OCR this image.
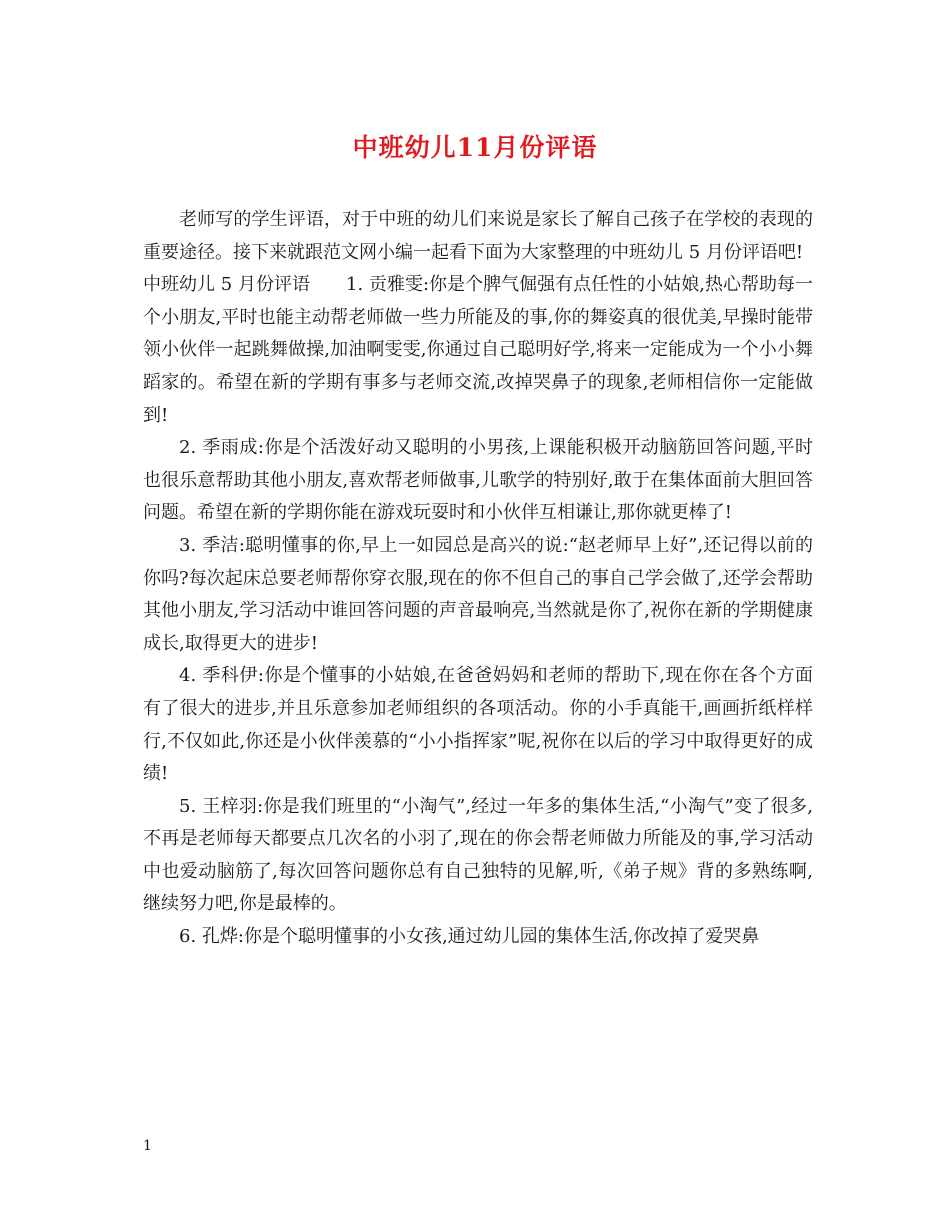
中班幼儿11月份评语

老师写的学生评语，对于中班的幼儿们来说是家长了解自己孩子在学校的表现的重要途径。接下来就跟范文网小编一起看下面为大家整理的中班幼儿 5 月份评语吧!

中班幼儿 5 月份评语　　1. 贡雅雯:你是个脾气倔强有点任性的小姑娘,热心帮助每一个小朋友,平时也能主动帮老师做一些力所能及的事,你的舞姿真的很优美,早操时能带领小伙伴一起跳舞做操,加油啊雯雯,你通过自己聪明好学,将来一定能成为一个小小舞蹈家的。希望在新的学期有事多与老师交流,改掉哭鼻子的现象,老师相信你一定能做到!

2. 季雨成:你是个活泼好动又聪明的小男孩,上课能积极开动脑筋回答问题,平时也很乐意帮助其他小朋友,喜欢帮老师做事,儿歌学的特别好,敢于在集体面前大胆回答问题。希望在新的学期你能在游戏玩耍时和小伙伴互相谦让,那你就更棒了!

3. 季洁:聪明懂事的你,早上一如园总是高兴的说:“赵老师早上好”,还记得以前的你吗?每次起床总要老师帮你穿衣服,现在的你不但自己的事自己学会做了,还学会帮助其他小朋友,学习活动中谁回答问题的声音最响亮,当然就是你了,祝你在新的学期健康成长,取得更大的进步!

4. 季科伊:你是个懂事的小姑娘,在爸爸妈妈和老师的帮助下,现在你在各个方面有了很大的进步,并且乐意参加老师组织的各项活动。你的小手真能干,画画折纸样样行,不仅如此,你还是小伙伴羡慕的“小小指挥家”呢,祝你在以后的学习中取得更好的成绩!

5. 王梓羽:你是我们班里的“小淘气”,经过一年多的集体生活,“小淘气”变了很多,不再是老师每天都要点几次名的小羽了,现在的你会帮老师做力所能及的事,学习活动中也爱动脑筋了,每次回答问题你总有自己独特的见解,听,《弟子规》背的多熟练啊,继续努力吧,你是最棒的。

6. 孔烨:你是个聪明懂事的小女孩,通过幼儿园的集体生活,你改掉了爱哭鼻

1
